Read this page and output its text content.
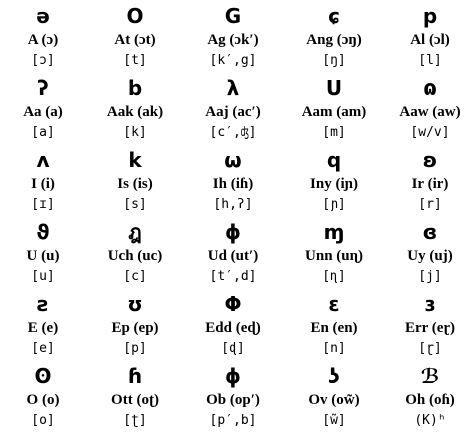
ə
A (ɔ)
[ɔ]
O
At (ɔt)
[t]
G
Ag (ɔk′)
[k′,g]
ɕ
Ang (ɔŋ)
[ŋ]
p
Al (ɔl)
[l]
ʔ
Aa (a)
[a]
b
Aak (ak)
[k]
λ
Aaj (ac′)
[c′,ʤ]
U
Aam (am)
[m]
ɷ
Aaw (aw)
[w/v]
ʌ
I (i)
[ɪ]
k
Is (is)
[s]
ω
Ih (iɦ)
[h,ʔ]
q
Iny (iɲ)
[ɲ]
ʚ
Ir (ir)
[r]
ϑ
U (u)
[u]
ฎ
Uch (uc)
[c]
ϕ
Ud (ut′)
[t′,d]
ɱ
Unn (uɳ)
[ɳ]
ɞ
Uy (uj)
[j]
ƨ
E (e)
[e]
ʊ
Ep (ep)
[p]
Φ
Edd (eɖ)
[ɖ]
ɛ
En (en)
[n]
ɜ
Err (eɽ)
[ɽ]
ʘ
O (o)
[o]
ɦ
Ott (oʈ)
[ʈ]
ɸ
Ob (op′)
[p′,b]
ʖ
Ov (ow̃)
[w̃]
ℬ
Oh (oɦ)
(K)ʰ
